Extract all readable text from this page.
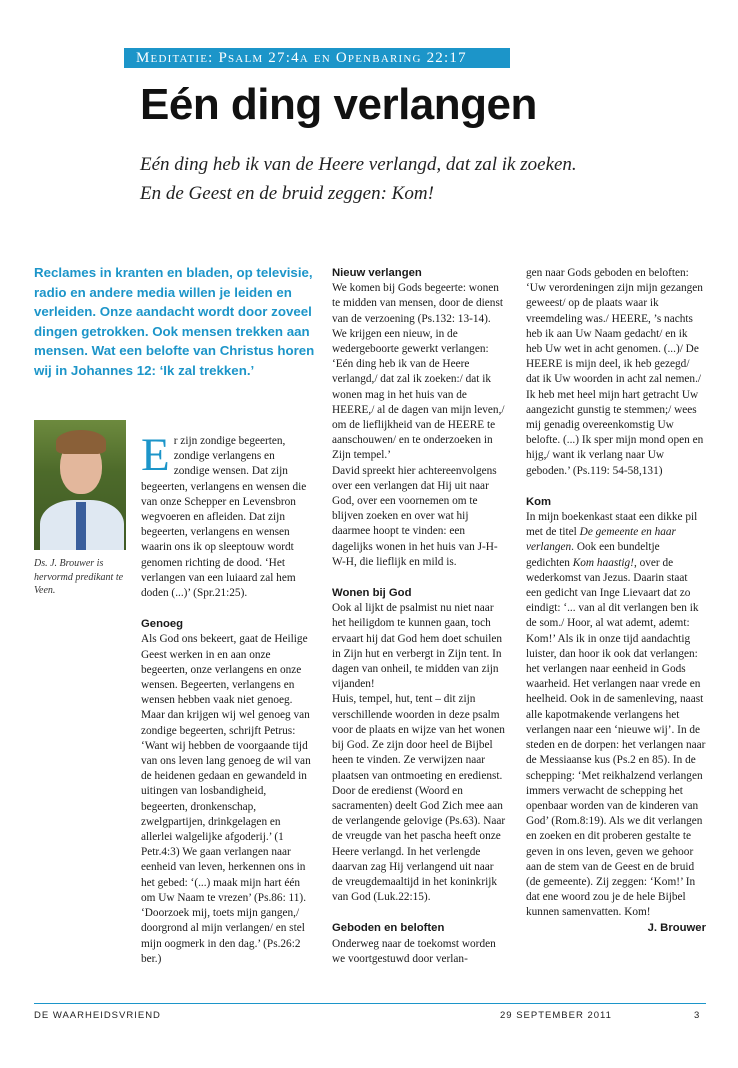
Meditatie: Psalm 27:4a en Openbaring 22:17
Eén ding verlangen
Eén ding heb ik van de Heere verlangd, dat zal ik zoeken.
En de Geest en de bruid zeggen: Kom!
Reclames in kranten en bladen, op televisie, radio en andere media willen je leiden en verleiden. Onze aandacht wordt door zoveel dingen getrokken. Ook mensen trekken aan mensen. Wat een belofte van Christus horen wij in Johannes 12: ‘Ik zal trekken.’
Ds. J. Brouwer is hervormd predikant te Veen.

Er zijn zondige begeerten, zondige verlangens en zondige wensen. Dat zijn begeerten, verlangens en wensen die van onze Schepper en Levensbron wegvoeren en afleiden. Dat zijn begeerten, verlangens en wensen waarin ons ik op sleeptouw wordt genomen richting de dood. ‘Het verlangen van een luiaard zal hem doden (...)’ (Spr.21:25).

Genoeg

Als God ons bekeert, gaat de Heilige Geest werken in en aan onze begeerten, onze verlangens en onze wensen. Begeerten, verlangens en wensen hebben vaak niet genoeg. Maar dan krijgen wij wel genoeg van zondige begeerten, schrijft Petrus: ‘Want wij hebben de voorgaande tijd van ons leven lang genoeg de wil van de heidenen gedaan en gewandeld in uitingen van losbandigheid, begeerten, dronkenschap, zwelgpartijen, drinkgelagen en allerlei walgelijke afgoderij.’ (1 Petr.4:3) We gaan verlangen naar eenheid van leven, herkennen ons in het gebed: ‘(...) maak mijn hart één om Uw Naam te vrezen’ (Ps.86: 11). ‘Doorzoek mij, toets mijn gangen,/ doorgrond al mijn verlangen/ en stel mijn oogmerk in den dag.’ (Ps.26:2 ber.)

Nieuw verlangen

We komen bij Gods begeerte: wonen te midden van mensen, door de dienst van de verzoening (Ps.132: 13-14). We krijgen een nieuw, in de wedergeboorte gewerkt verlangen: ‘Eén ding heb ik van de Heere verlangd,/ dat zal ik zoeken:/ dat ik wonen mag in het huis van de HEERE,/ al de dagen van mijn leven,/ om de lieflijkheid van de HEERE te aanschouwen/ en te onderzoeken in Zijn tempel.’

David spreekt hier achtereenvolgens over een verlangen dat Hij uit naar God, over een voornemen om te blijven zoeken en over wat hij daarmee hoopt te vinden: een dagelijks wonen in het huis van J-H-W-H, die lieflijk en mild is.

Wonen bij God

Ook al lijkt de psalmist nu niet naar het heiligdom te kunnen gaan, toch ervaart hij dat God hem doet schuilen in Zijn hut en verbergt in Zijn tent. In dagen van onheil, te midden van zijn vijanden!

Huis, tempel, hut, tent – dit zijn verschillende woorden in deze psalm voor de plaats en wijze van het wonen bij God. Ze zijn door heel de Bijbel heen te vinden. Ze verwijzen naar plaatsen van ontmoeting en eredienst. Door de eredienst (Woord en sacramenten) deelt God Zich mee aan de verlangende gelovige (Ps.63). Naar de vreugde van het pascha heeft onze Heere verlangd. In het verlengde daarvan zag Hij verlangend uit naar de vreugdemaaltijd in het koninkrijk van God (Luk.22:15).

Geboden en beloften

Onderweg naar de toekomst worden we voortgestuwd door verlan-

gen naar Gods geboden en beloften: ‘Uw verordeningen zijn mijn gezangen geweest/ op de plaats waar ik vreemdeling was./ HEERE, ’s nachts heb ik aan Uw Naam gedacht/ en ik heb Uw wet in acht genomen. (...)/ De HEERE is mijn deel, ik heb gezegd/ dat ik Uw woorden in acht zal nemen./ Ik heb met heel mijn hart getracht Uw aangezicht gunstig te stemmen;/ wees mij genadig overeenkomstig Uw belofte. (...) Ik sper mijn mond open en hijg,/ want ik verlang naar Uw geboden.’ (Ps.119: 54-58,131)

Kom

In mijn boekenkast staat een dikke pil met de titel De gemeente en haar verlangen. Ook een bundeltje gedichten Kom haastig!, over de wederkomst van Jezus. Daarin staat een gedicht van Inge Lievaart dat zo eindigt: ‘... van al dit verlangen ben ik de som./ Hoor, al wat ademt, ademt: Kom!’ Als ik in onze tijd aandachtig luister, dan hoor ik ook dat verlangen: het verlangen naar eenheid in Gods waarheid. Het verlangen naar vrede en heelheid. Ook in de samenleving, naast alle kapotmakende verlangens het verlangen naar een ‘nieuwe wij’. In de steden en de dorpen: het verlangen naar de Messiaanse kus (Ps.2 en 85). In de schepping: ‘Met reikhalzend verlangen immers verwacht de schepping het openbaar worden van de kinderen van God’ (Rom.8:19). Als we dit verlangen en zoeken en dit proberen gestalte te geven in ons leven, geven we gehoor aan de stem van de Geest en de bruid (de gemeente). Zij zeggen: ‘Kom!’ In dat ene woord zou je de hele Bijbel kunnen samenvatten. Kom!

J. Brouwer
DE WAARHEIDSVRIEND	29 SEPTEMBER 2011	3
